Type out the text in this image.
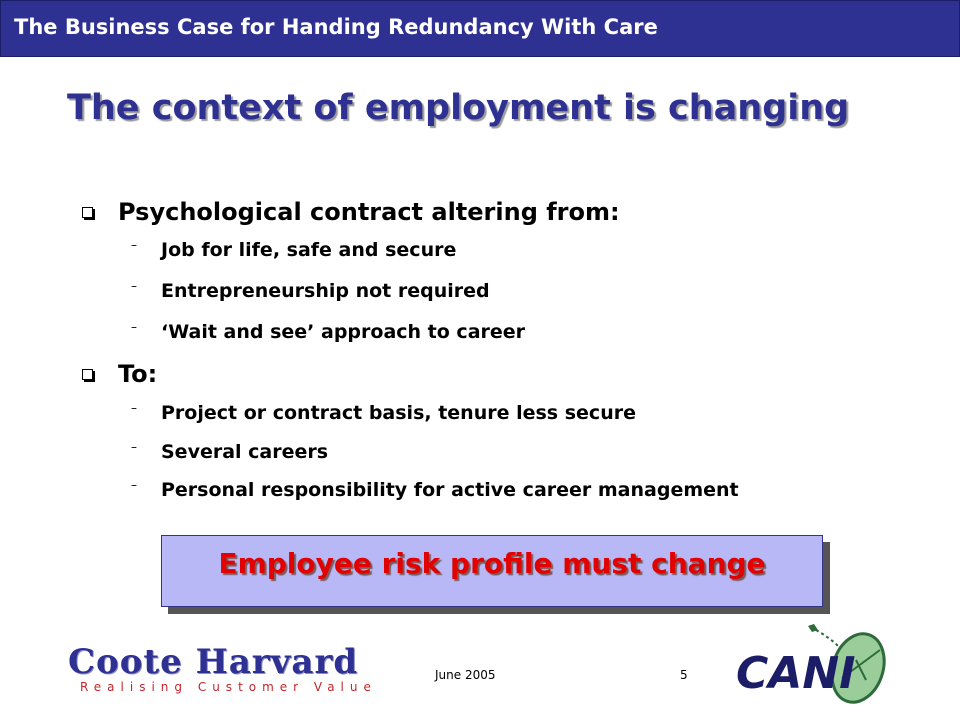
The Business Case for Handing Redundancy With Care
The context of employment is changing
Psychological contract altering from:
– Job for life, safe and secure
– Entrepreneurship not required
– ‘Wait and see’ approach to career
To:
– Project or contract basis, tenure less secure
– Several careers
– Personal responsibility for active career management
Employee risk profile must change
Coote Harvard
Realising Customer Value
June 2005	5 CANI
